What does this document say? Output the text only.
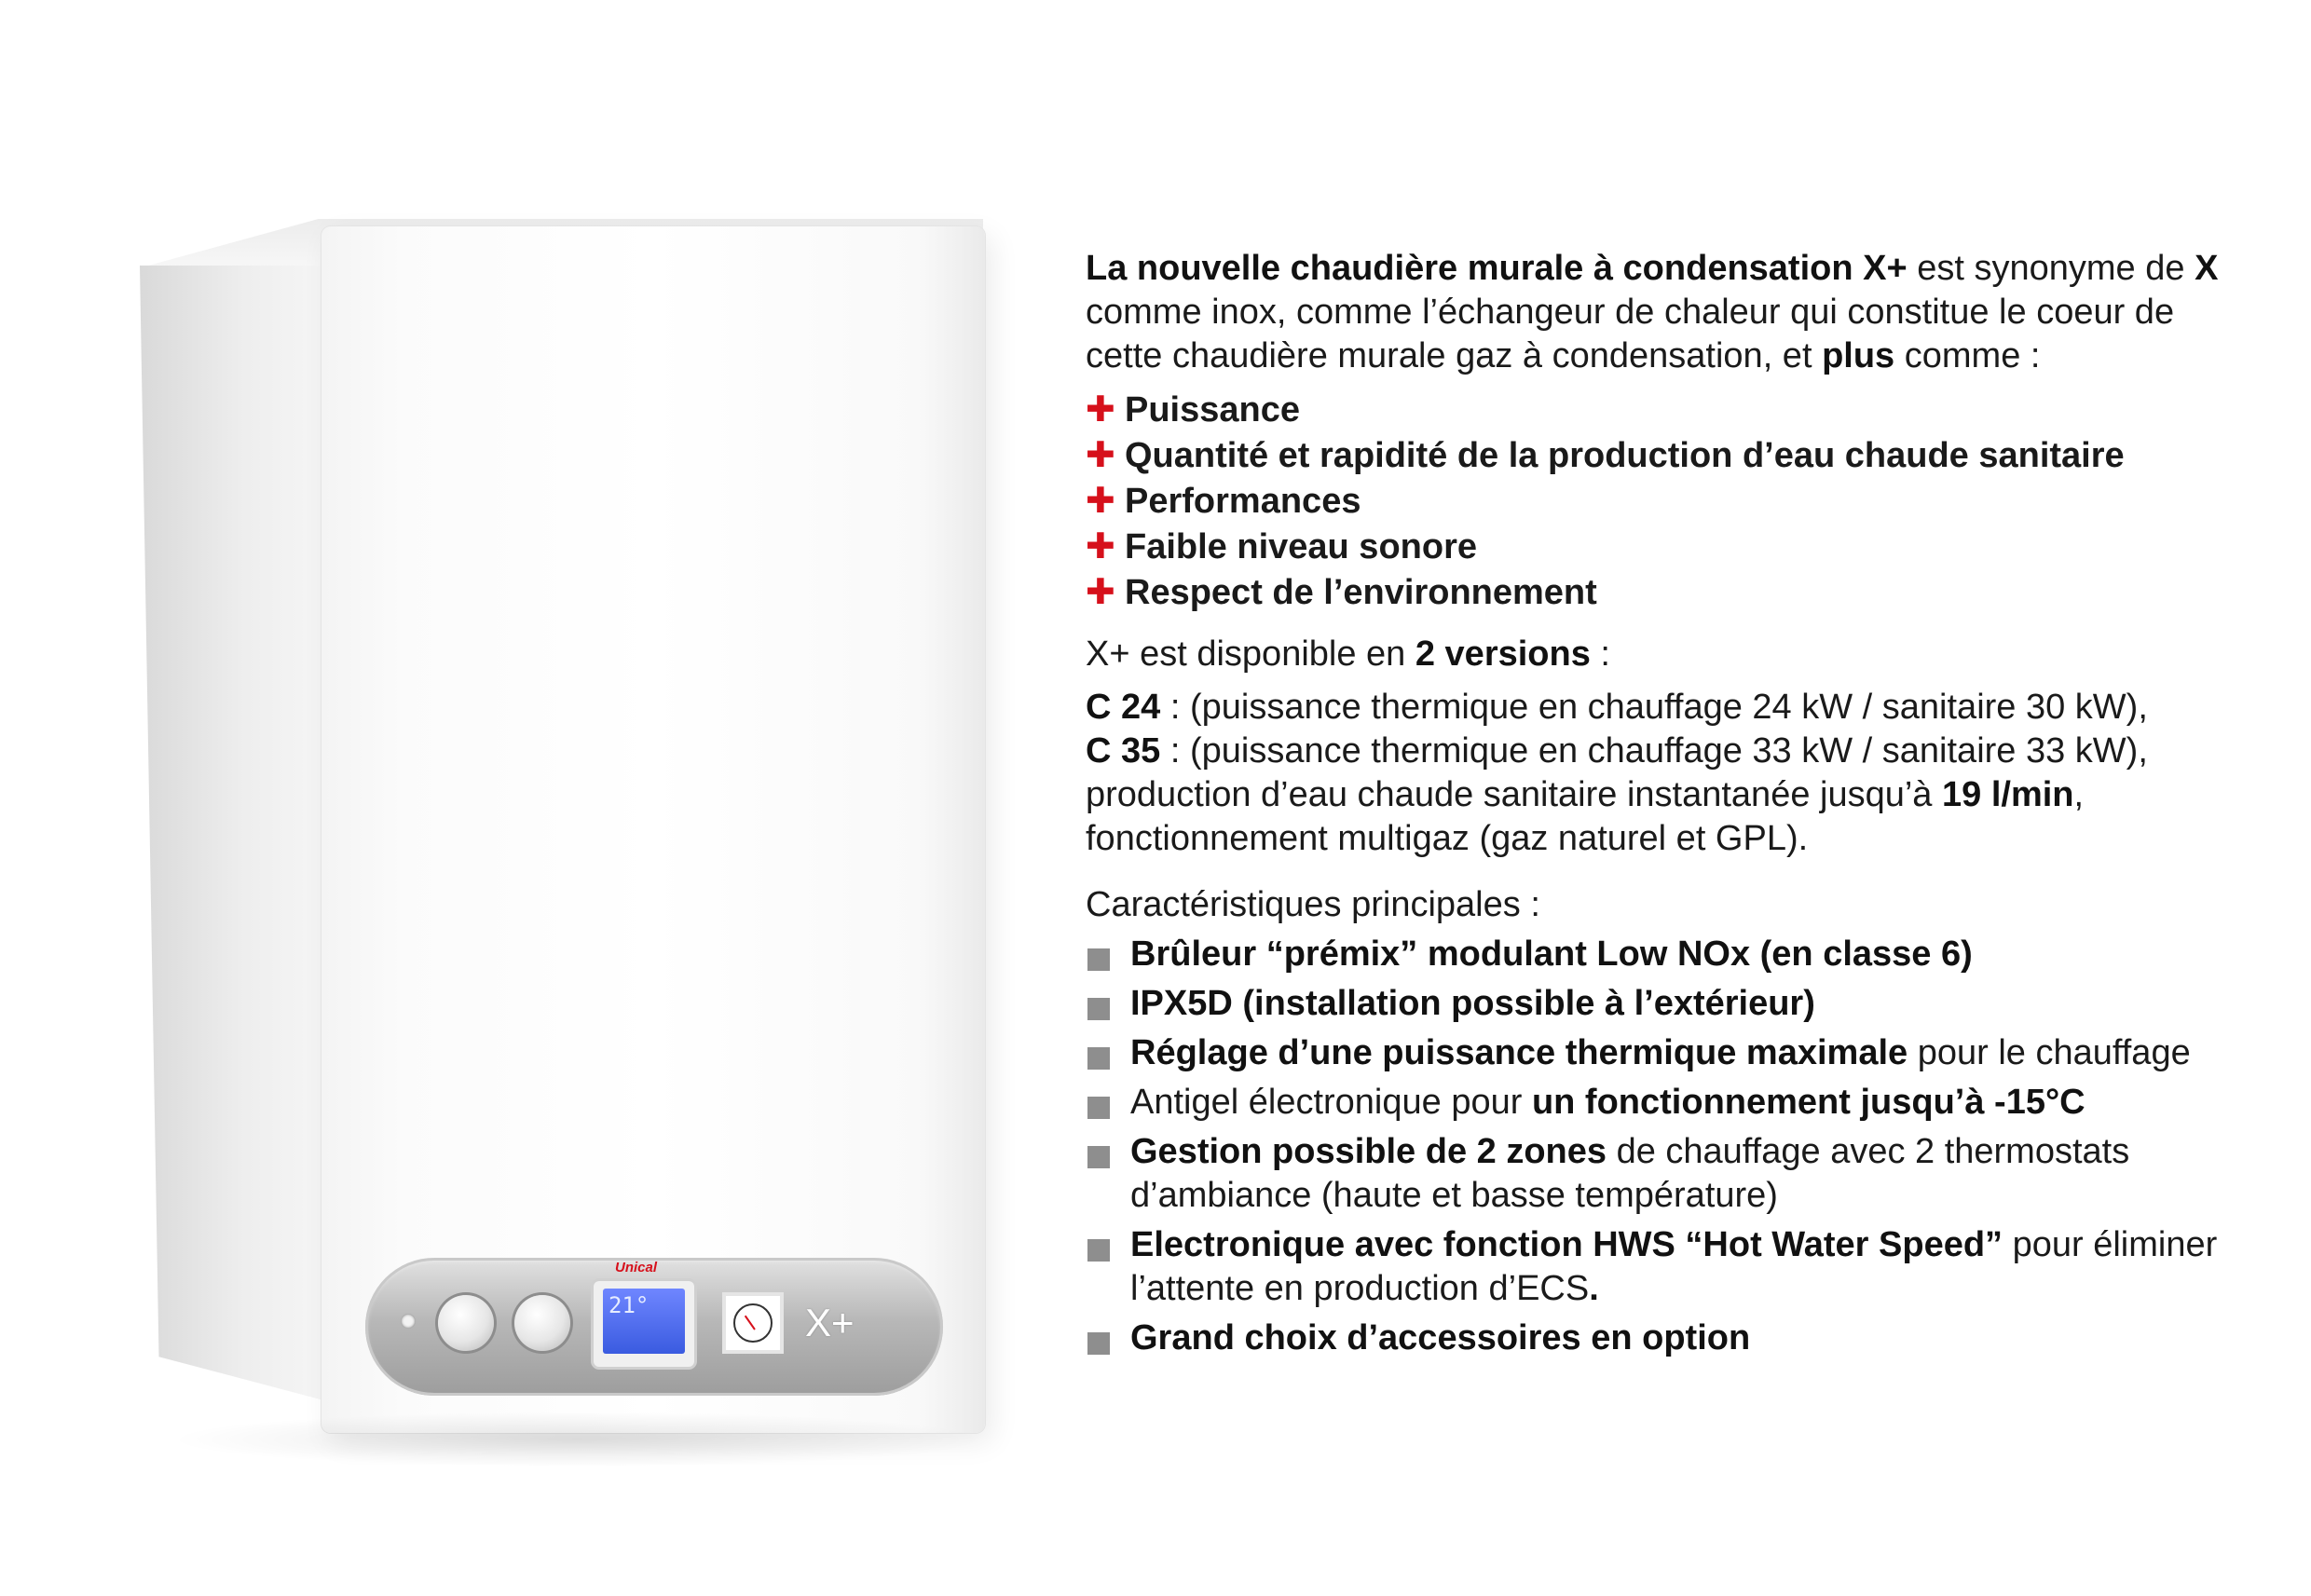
Unical
21°	X+

La nouvelle chaudière murale à condensation X+ est synonyme de X comme inox, comme l’échangeur de chaleur qui constitue le coeur de cette chaudière murale gaz à condensation, et plus comme :

✚ Puissance
✚ Quantité et rapidité de la production d’eau chaude sanitaire
✚ Performances
✚ Faible niveau sonore
✚ Respect de l’environnement

X+ est disponible en 2 versions :

C 24 : (puissance thermique en chauffage 24 kW / sanitaire 30 kW),

C 35 : (puissance thermique en chauffage 33 kW / sanitaire 33 kW), production d’eau chaude sanitaire instantanée jusqu’à 19 l/min, fonctionnement multigaz (gaz naturel et GPL).

Caractéristiques principales :

Brûleur “prémix” modulant Low NOx (en classe 6)
IPX5D (installation possible à l’extérieur)
Réglage d’une puissance thermique maximale pour le chauffage
Antigel électronique pour un fonctionnement jusqu’à -15°C
Gestion possible de 2 zones de chauffage avec 2 thermostats d’ambiance (haute et basse température)
Electronique avec fonction HWS “Hot Water Speed” pour éliminer l’attente en production d’ECS.
Grand choix d’accessoires en option
